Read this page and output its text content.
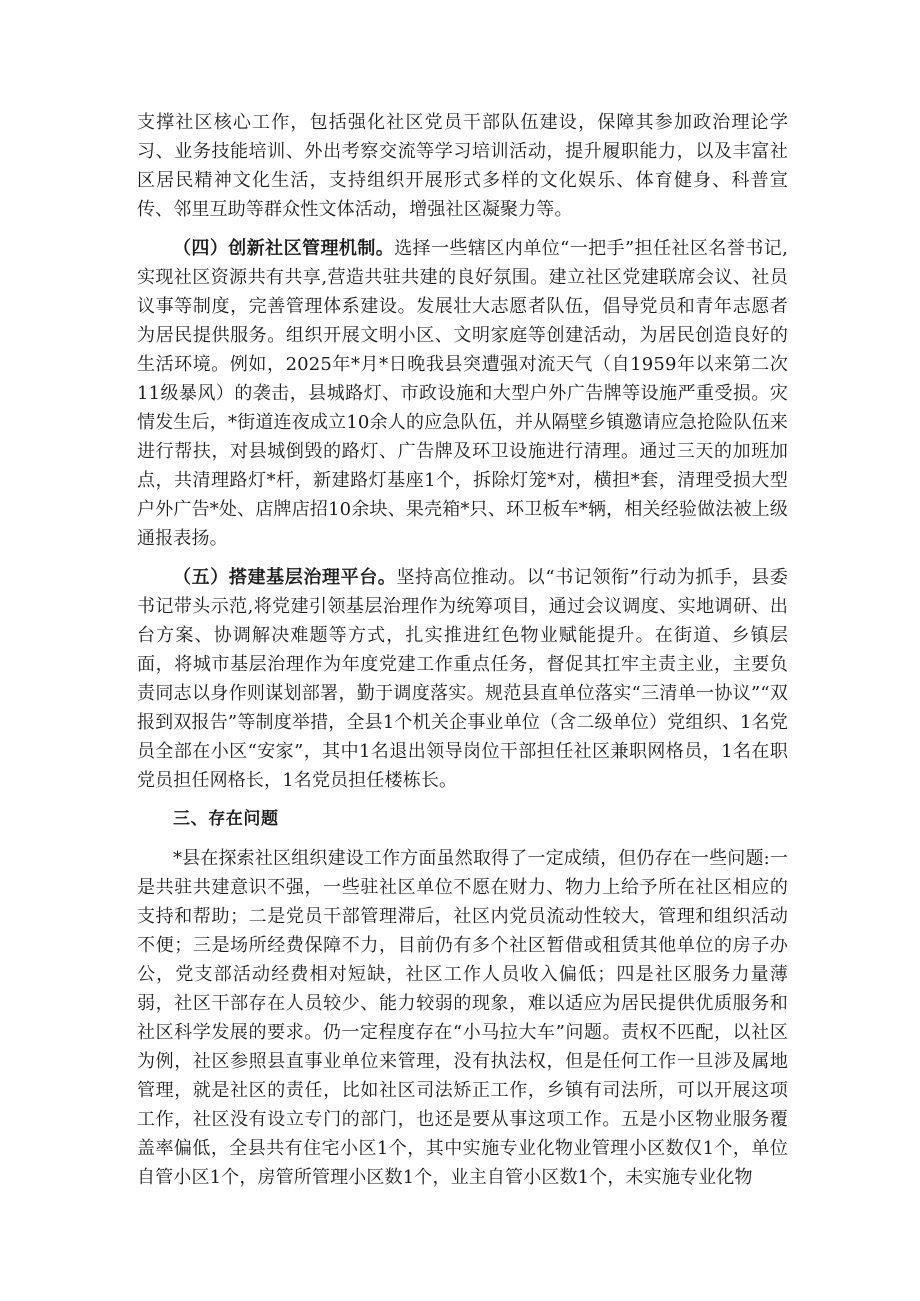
支撑社区核心工作，包括强化社区党员干部队伍建设，保障其参加政治理论学习、业务技能培训、外出考察交流等学习培训活动，提升履职能力，以及丰富社区居民精神文化生活，支持组织开展形式多样的文化娱乐、体育健身、科普宣传、邻里互助等群众性文体活动，增强社区凝聚力等。

（四）创新社区管理机制。选择一些辖区内单位“一把手”担任社区名誉书记,实现社区资源共有共享,营造共驻共建的良好氛围。建立社区党建联席会议、社员议事等制度，完善管理体系建设。发展壮大志愿者队伍，倡导党员和青年志愿者为居民提供服务。组织开展文明小区、文明家庭等创建活动，为居民创造良好的生活环境。例如，2025年*月*日晚我县突遭强对流天气（自1959年以来第二次11级暴风）的袭击，县城路灯、市政设施和大型户外广告牌等设施严重受损。灾情发生后，*街道连夜成立10余人的应急队伍，并从隔壁乡镇邀请应急抢险队伍来进行帮扶，对县城倒毁的路灯、广告牌及环卫设施进行清理。通过三天的加班加点，共清理路灯*杆，新建路灯基座1个，拆除灯笼*对，横担*套，清理受损大型户外广告*处、店牌店招10余块、果壳箱*只、环卫板车*辆，相关经验做法被上级通报表扬。

（五）搭建基层治理平台。坚持高位推动。以“书记领衔”行动为抓手，县委书记带头示范,将党建引领基层治理作为统筹项目，通过会议调度、实地调研、出台方案、协调解决难题等方式，扎实推进红色物业赋能提升。在街道、乡镇层面，将城市基层治理作为年度党建工作重点任务，督促其扛牢主责主业，主要负责同志以身作则谋划部署，勤于调度落实。规范县直单位落实“三清单一协议”“双报到双报告”等制度举措，全县1个机关企事业单位（含二级单位）党组织、1名党员全部在小区“安家”，其中1名退出领导岗位干部担任社区兼职网格员，1名在职党员担任网格长，1名党员担任楼栋长。

三、存在问题

*县在探索社区组织建设工作方面虽然取得了一定成绩，但仍存在一些问题:一是共驻共建意识不强，一些驻社区单位不愿在财力、物力上给予所在社区相应的支持和帮助；二是党员干部管理滞后，社区内党员流动性较大，管理和组织活动不便；三是场所经费保障不力，目前仍有多个社区暂借或租赁其他单位的房子办公，党支部活动经费相对短缺，社区工作人员收入偏低；四是社区服务力量薄弱，社区干部存在人员较少、能力较弱的现象，难以适应为居民提供优质服务和社区科学发展的要求。仍一定程度存在“小马拉大车”问题。责权不匹配，以社区为例，社区参照县直事业单位来管理，没有执法权，但是任何工作一旦涉及属地管理，就是社区的责任，比如社区司法矫正工作，乡镇有司法所，可以开展这项工作，社区没有设立专门的部门，也还是要从事这项工作。五是小区物业服务覆盖率偏低，全县共有住宅小区1个，其中实施专业化物业管理小区数仅1个，单位自管小区1个，房管所管理小区数1个，业主自管小区数1个，未实施专业化物
